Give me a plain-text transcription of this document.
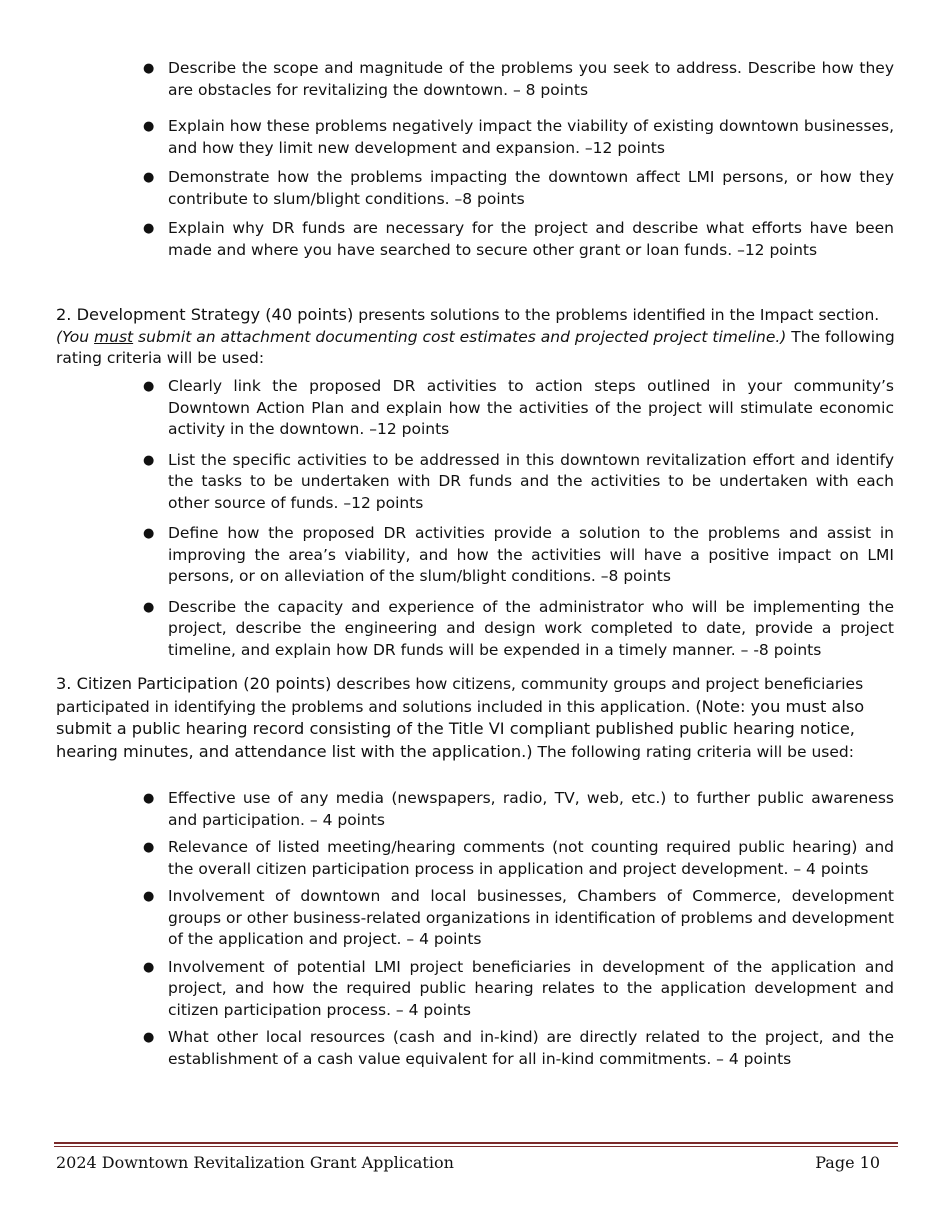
● Describe the scope and magnitude of the problems you seek to address. Describe how they are obstacles for revitalizing the downtown. – 8 points
● Explain how these problems negatively impact the viability of existing downtown businesses, and how they limit new development and expansion. –12 points
● Demonstrate how the problems impacting the downtown affect LMI persons, or how they contribute to slum/blight conditions. –8 points
● Explain why DR funds are necessary for the project and describe what efforts have been made and where you have searched to secure other grant or loan funds. –12 points
2. Development Strategy (40 points) presents solutions to the problems identified in the Impact section. (You must submit an attachment documenting cost estimates and projected project timeline.) The following rating criteria will be used:
● Clearly link the proposed DR activities to action steps outlined in your community’s Downtown Action Plan and explain how the activities of the project will stimulate economic activity in the downtown. –12 points
● List the specific activities to be addressed in this downtown revitalization effort and identify the tasks to be undertaken with DR funds and the activities to be undertaken with each other source of funds. –12 points
● Define how the proposed DR activities provide a solution to the problems and assist in improving the area’s viability, and how the activities will have a positive impact on LMI persons, or on alleviation of the slum/blight conditions. –8 points
● Describe the capacity and experience of the administrator who will be implementing the project, describe the engineering and design work completed to date, provide a project timeline, and explain how DR funds will be expended in a timely manner. – -8 points
3. Citizen Participation (20 points) describes how citizens, community groups and project beneficiaries participated in identifying the problems and solutions included in this application. (Note: you must also submit a public hearing record consisting of the Title VI compliant published public hearing notice, hearing minutes, and attendance list with the application.) The following rating criteria will be used:
● Effective use of any media (newspapers, radio, TV, web, etc.) to further public awareness and participation. – 4 points
● Relevance of listed meeting/hearing comments (not counting required public hearing) and the overall citizen participation process in application and project development. – 4 points
● Involvement of downtown and local businesses, Chambers of Commerce, development groups or other business-related organizations in identification of problems and development of the application and project. – 4 points
● Involvement of potential LMI project beneficiaries in development of the application and project, and how the required public hearing relates to the application development and citizen participation process. – 4 points
● What other local resources (cash and in-kind) are directly related to the project, and the establishment of a cash value equivalent for all in-kind commitments. – 4 points
2024 Downtown Revitalization Grant Application	Page 10
